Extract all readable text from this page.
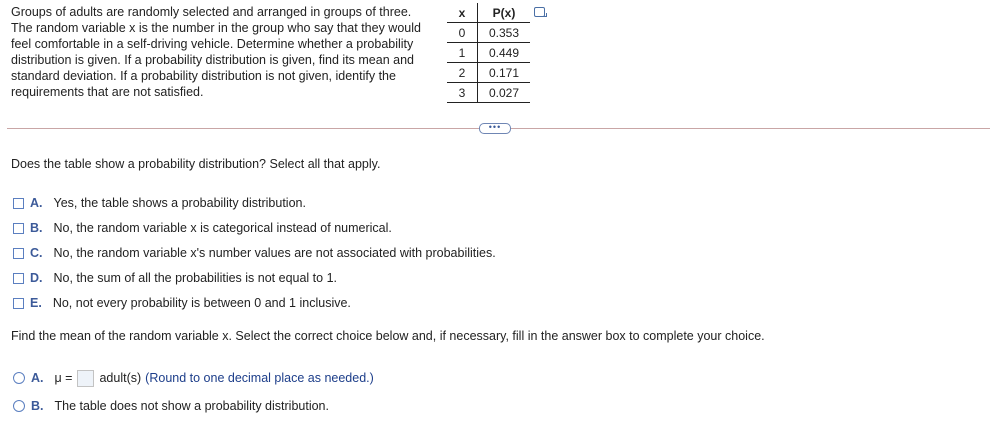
Groups of adults are randomly selected and arranged in groups of three. The random variable x is the number in the group who say that they would feel comfortable in a self-driving vehicle. Determine whether a probability distribution is given. If a probability distribution is given, find its mean and standard deviation. If a probability distribution is not given, identify the requirements that are not satisfied.
x	P(x)
0	0.353
1	0.449
2	0.171
3	0.027
•••
Does the table show a probability distribution? Select all that apply.
A. Yes, the table shows a probability distribution.
B. No, the random variable x is categorical instead of numerical.
C. No, the random variable x's number values are not associated with probabilities.
D. No, the sum of all the probabilities is not equal to 1.
E. No, not every probability is between 0 and 1 inclusive.
Find the mean of the random variable x. Select the correct choice below and, if necessary, fill in the answer box to complete your choice.
A. μ = adult(s) (Round to one decimal place as needed.)
B. The table does not show a probability distribution.
